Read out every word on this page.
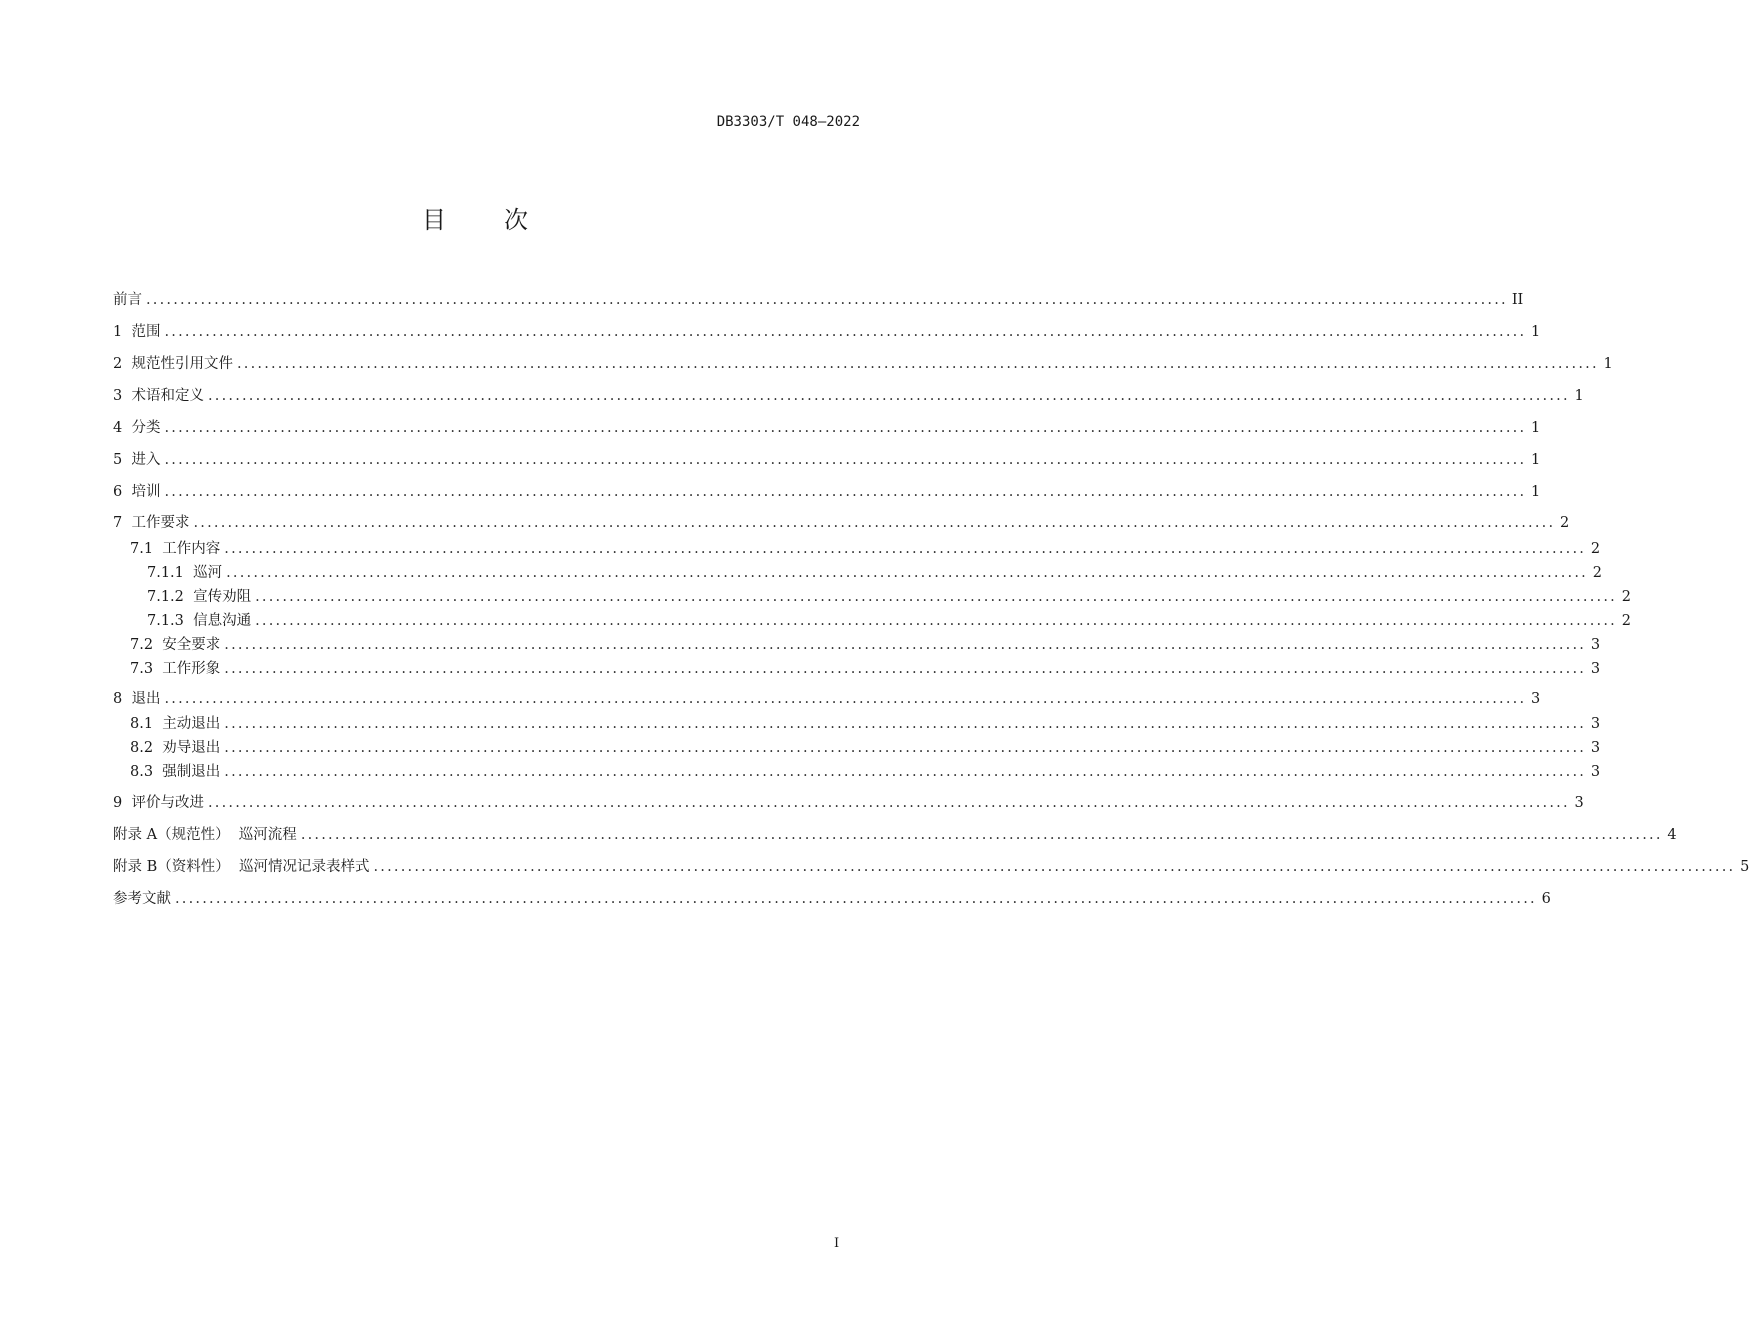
DB3303/T 048—2022
目 次
前言 ........................................................................................................................................................................................................ II
1  范围 ........................................................................................................................................................................................................ 1
2  规范性引用文件 ........................................................................................................................................................................................................ 1
3  术语和定义 ........................................................................................................................................................................................................ 1
4  分类 ........................................................................................................................................................................................................ 1
5  进入 ........................................................................................................................................................................................................ 1
6  培训 ........................................................................................................................................................................................................ 1
7  工作要求 ........................................................................................................................................................................................................ 2
7.1  工作内容 ........................................................................................................................................................................................................ 2
7.1.1  巡河 ........................................................................................................................................................................................................ 2
7.1.2  宣传劝阻 ........................................................................................................................................................................................................ 2
7.1.3  信息沟通 ........................................................................................................................................................................................................ 2
7.2  安全要求 ........................................................................................................................................................................................................ 3
7.3  工作形象 ........................................................................................................................................................................................................ 3
8  退出 ........................................................................................................................................................................................................ 3
8.1  主动退出 ........................................................................................................................................................................................................ 3
8.2  劝导退出 ........................................................................................................................................................................................................ 3
8.3  强制退出 ........................................................................................................................................................................................................ 3
9  评价与改进 ........................................................................................................................................................................................................ 3
附录 A（规范性）  巡河流程 ........................................................................................................................................................................................................ 4
附录 B（资料性）  巡河情况记录表样式 ........................................................................................................................................................................................................ 5
参考文献 ........................................................................................................................................................................................................ 6
I
